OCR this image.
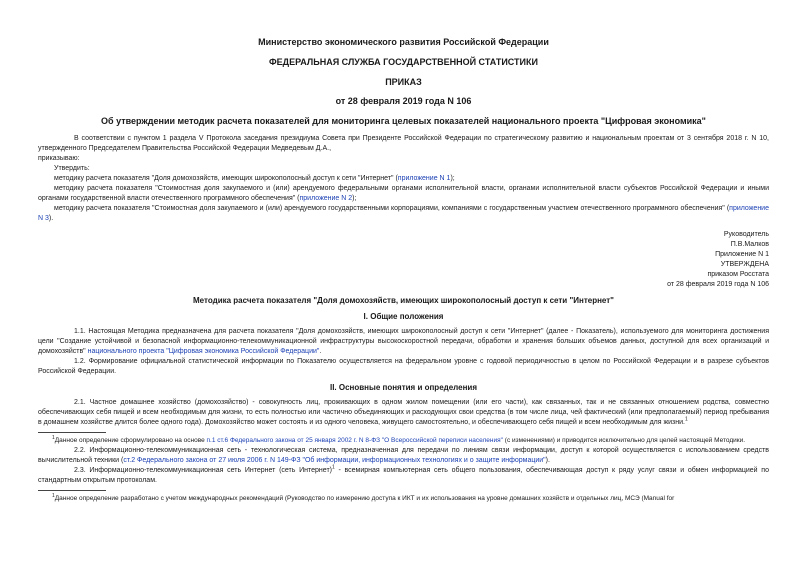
Министерство экономического развития Российской Федерации
ФЕДЕРАЛЬНАЯ СЛУЖБА ГОСУДАРСТВЕННОЙ СТАТИСТИКИ
ПРИКАЗ
от 28 февраля 2019 года N 106
Об утверждении методик расчета показателей для мониторинга целевых показателей национального проекта "Цифровая экономика"

В соответствии с пунктом 1 раздела V Протокола заседания президиума Совета при Президенте Российской Федерации по стратегическому развитию и национальным проектам от 3 сентября 2018 г. N 10, утвержденного Председателем Правительства Российской Федерации Медведевым Д.А.,

приказываю:

Утвердить:

методику расчета показателя "Доля домохозяйств, имеющих широкополосный доступ к сети "Интернет" (приложение N 1);

методику расчета показателя "Стоимостная доля закупаемого и (или) арендуемого федеральными органами исполнительной власти, органами исполнительной власти субъектов Российской Федерации и иными органами государственной власти отечественного программного обеспечения" (приложение N 2);

методику расчета показателя "Стоимостная доля закупаемого и (или) арендуемого государственными корпорациями, компаниями с государственным участием отечественного программного обеспечения" (приложение N 3).

Руководитель

П.В.Малков

Приложение N 1

УТВЕРЖДЕНА

приказом Росстата

от 28 февраля 2019 года N 106

Методика расчета показателя "Доля домохозяйств, имеющих широкополосный доступ к сети "Интернет"
I. Общие положения

1.1. Настоящая Методика предназначена для расчета показателя "Доля домохозяйств, имеющих широкополосный доступ к сети "Интернет" (далее - Показатель), используемого для мониторинга достижения цели "Создание устойчивой и безопасной информационно-телекоммуникационной инфраструктуры высокоскоростной передачи, обработки и хранения больших объемов данных, доступной для всех организаций и домохозяйств" национального проекта "Цифровая экономика Российской Федерации".

1.2. Формирование официальной статистической информации по Показателю осуществляется на федеральном уровне с годовой периодичностью в целом по Российской Федерации и в разрезе субъектов Российской Федерации.

II. Основные понятия и определения

2.1. Частное домашнее хозяйство (домохозяйство) - совокупность лиц, проживающих в одном жилом помещении (или его части), как связанных, так и не связанных отношением родства, совместно обеспечивающих себя пищей и всем необходимым для жизни, то есть полностью или частично объединяющих и расходующих свои средства (в том числе лица, чей фактический (или предполагаемый) период пребывания в домашнем хозяйстве длится более одного года). Домохозяйство может состоять и из одного человека, живущего самостоятельно, и обеспечивающего себя пищей и всем необходимым для жизни.$^1$

$^1$Данное определение сформулировано на основе п.1 ст.6 Федерального закона от 25 января 2002 г. N 8-ФЗ "О Всероссийской переписи населения" (с изменениями) и приводится исключительно для целей настоящей Методики.

2.2. Информационно-телекоммуникационная сеть - технологическая система, предназначенная для передачи по линиям связи информации, доступ к которой осуществляется с использованием средств вычислительной техники (ст.2 Федерального закона от 27 июля 2006 г. N 149-ФЗ "Об информации, информационных технологиях и о защите информации").

2.3. Информационно-телекоммуникационная сеть Интернет (сеть Интернет)$^1$ - всемирная компьютерная сеть общего пользования, обеспечивающая доступ к ряду услуг связи и обмен информацией по стандартным открытым протоколам.

$^1$Данное определение разработано с учетом международных рекомендаций (Руководство по измерению доступа к ИКТ и их использования на уровне домашних хозяйств и отдельных лиц, МСЭ (Manual for
